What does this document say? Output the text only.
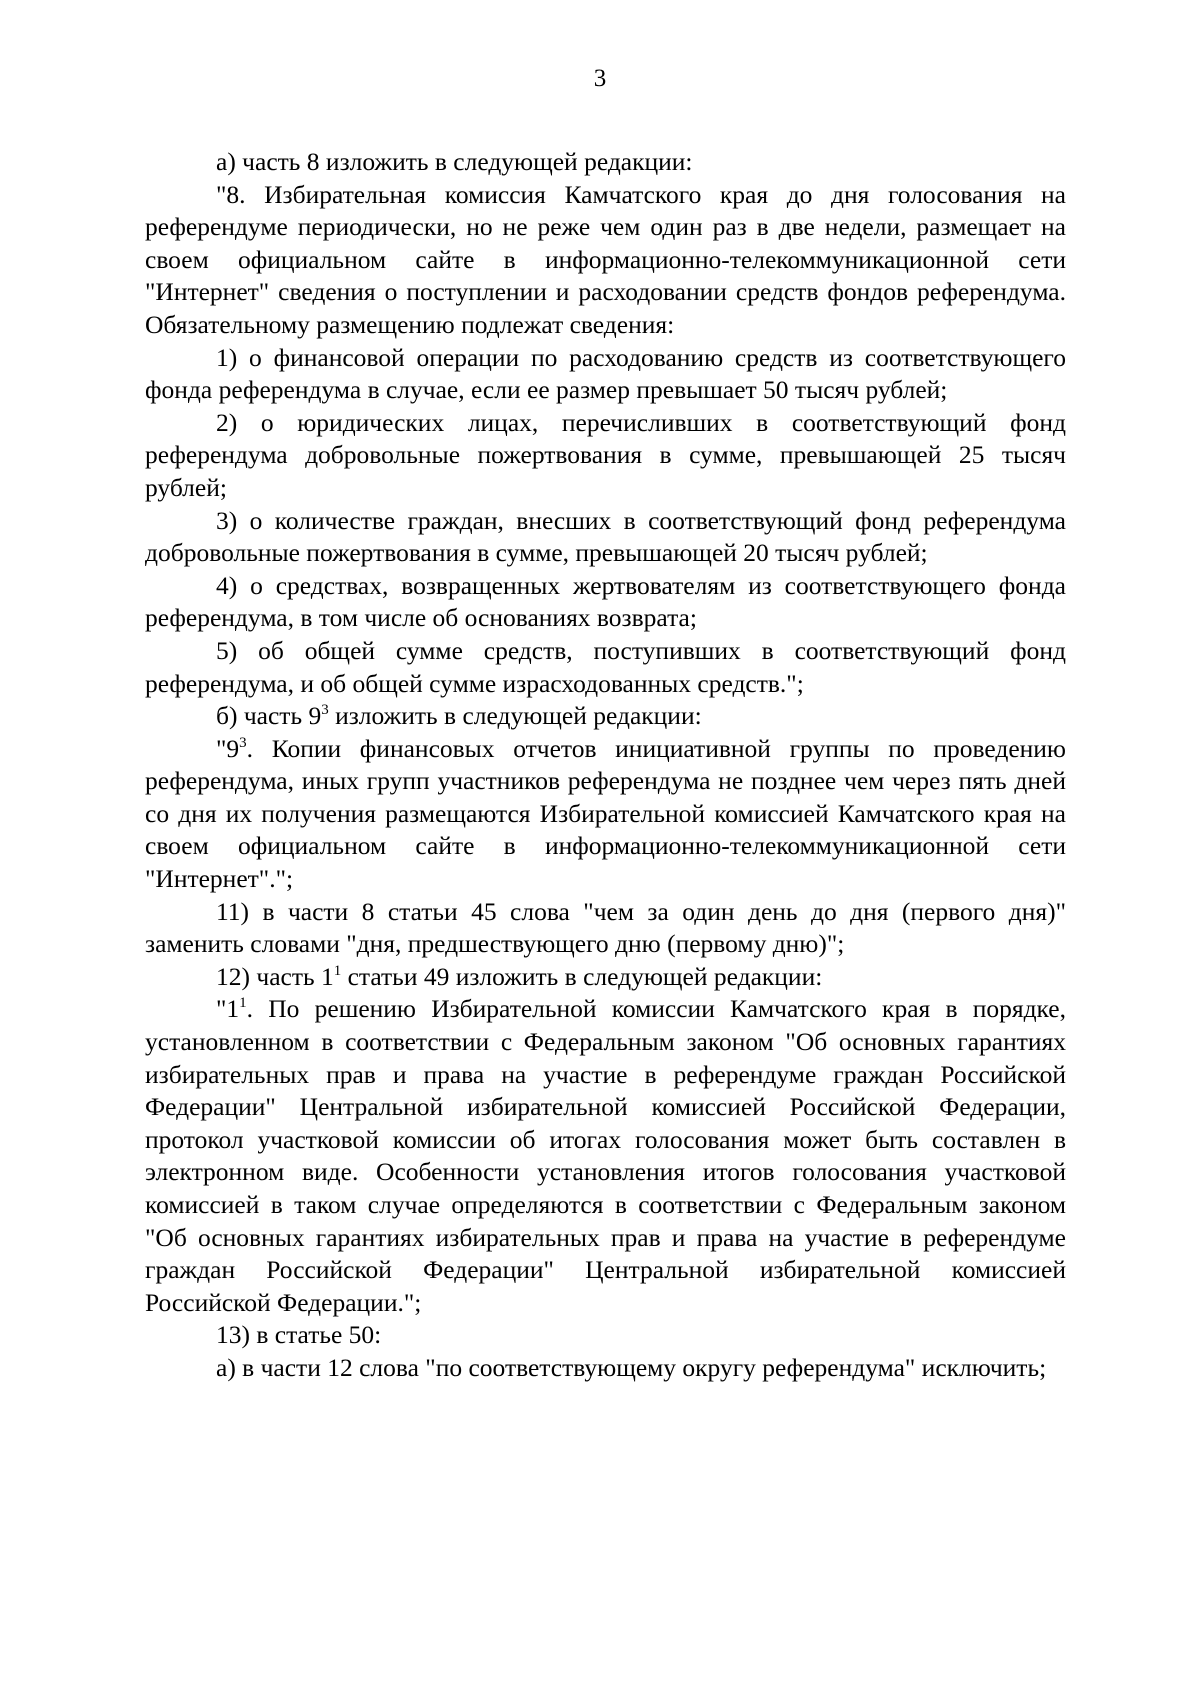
3

а) часть 8 изложить в следующей редакции:

"8. Избирательная комиссия Камчатского края до дня голосования на референдуме периодически, но не реже чем один раз в две недели, размещает на своем официальном сайте в информационно-телекоммуникационной сети "Интернет" сведения о поступлении и расходовании средств фондов референдума. Обязательному размещению подлежат сведения:

1) о финансовой операции по расходованию средств из соответствующего фонда референдума в случае, если ее размер превышает 50 тысяч рублей;

2) о юридических лицах, перечисливших в соответствующий фонд референдума добровольные пожертвования в сумме, превышающей 25 тысяч рублей;

3) о количестве граждан, внесших в соответствующий фонд референдума добровольные пожертвования в сумме, превышающей 20 тысяч рублей;

4) о средствах, возвращенных жертвователям из соответствующего фонда референдума, в том числе об основаниях возврата;

5) об общей сумме средств, поступивших в соответствующий фонд референдума, и об общей сумме израсходованных средств.";

б) часть $9^3$ изложить в следующей редакции:

"$9^3$. Копии финансовых отчетов инициативной группы по проведению референдума, иных групп участников референдума не позднее чем через пять дней со дня их получения размещаются Избирательной комиссией Камчатского края на своем официальном сайте в информационно-телекоммуникационной сети "Интернет".";

11) в части 8 статьи 45 слова "чем за один день до дня (первого дня)" заменить словами "дня, предшествующего дню (первому дню)";

12) часть $1^1$ статьи 49 изложить в следующей редакции:

"$1^1$. По решению Избирательной комиссии Камчатского края в порядке, установленном в соответствии с Федеральным законом "Об основных гарантиях избирательных прав и права на участие в референдуме граждан Российской Федерации" Центральной избирательной комиссией Российской Федерации, протокол участковой комиссии об итогах голосования может быть составлен в электронном виде. Особенности установления итогов голосования участковой комиссией в таком случае определяются в соответствии с Федеральным законом "Об основных гарантиях избирательных прав и права на участие в референдуме граждан Российской Федерации" Центральной избирательной комиссией Российской Федерации.";

13) в статье 50:

а) в части 12 слова "по соответствующему округу референдума" исключить;
